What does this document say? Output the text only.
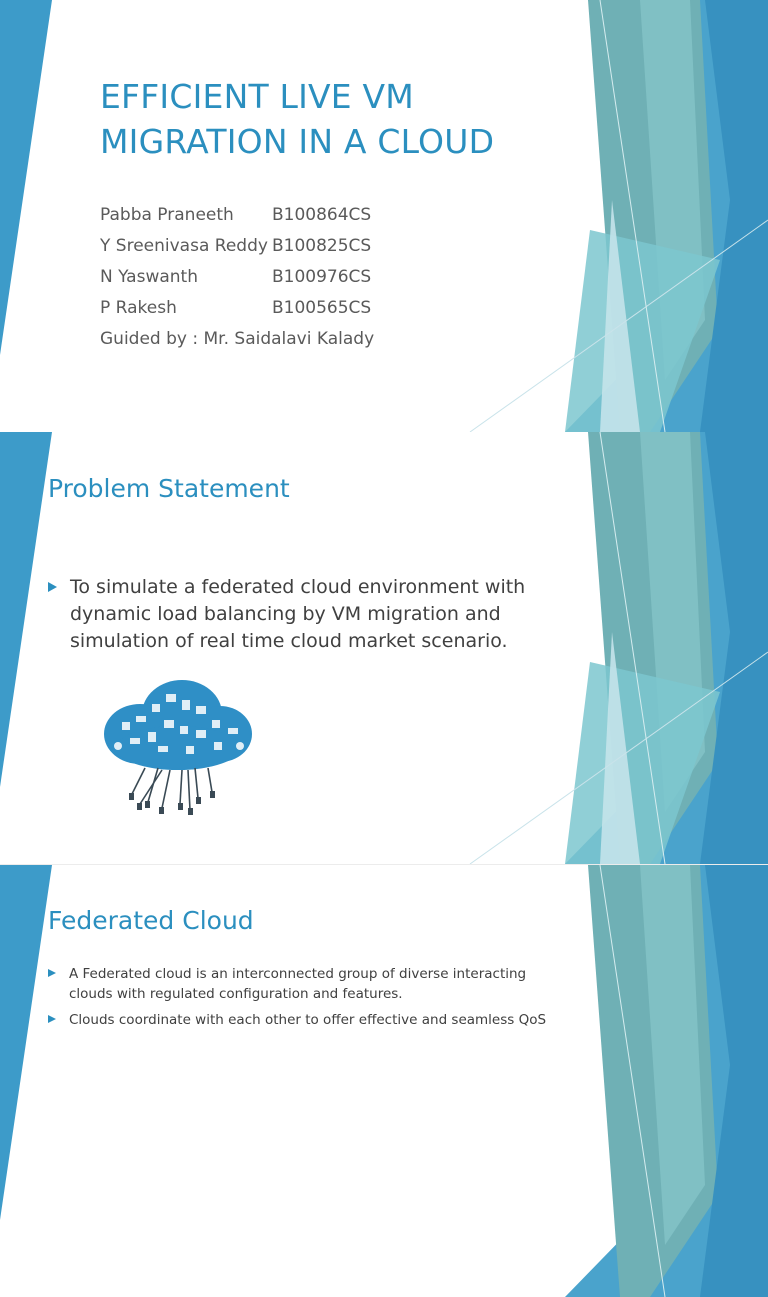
EFFICIENT LIVE VM
MIGRATION IN A CLOUD
Pabba Praneeth B100864CS
Y Sreenivasa Reddy B100825CS
N Yaswanth	B100976CS
P Rakesh	B100565CS
Guided by : Mr. Saidalavi Kalady
Problem Statement
To simulate a federated cloud environment with dynamic load balancing by VM migration and simulation of real time cloud market scenario.
Federated Cloud
A Federated cloud is an interconnected group of diverse interacting clouds with regulated configuration and features.
Clouds coordinate with each other to offer effective and seamless QoS
